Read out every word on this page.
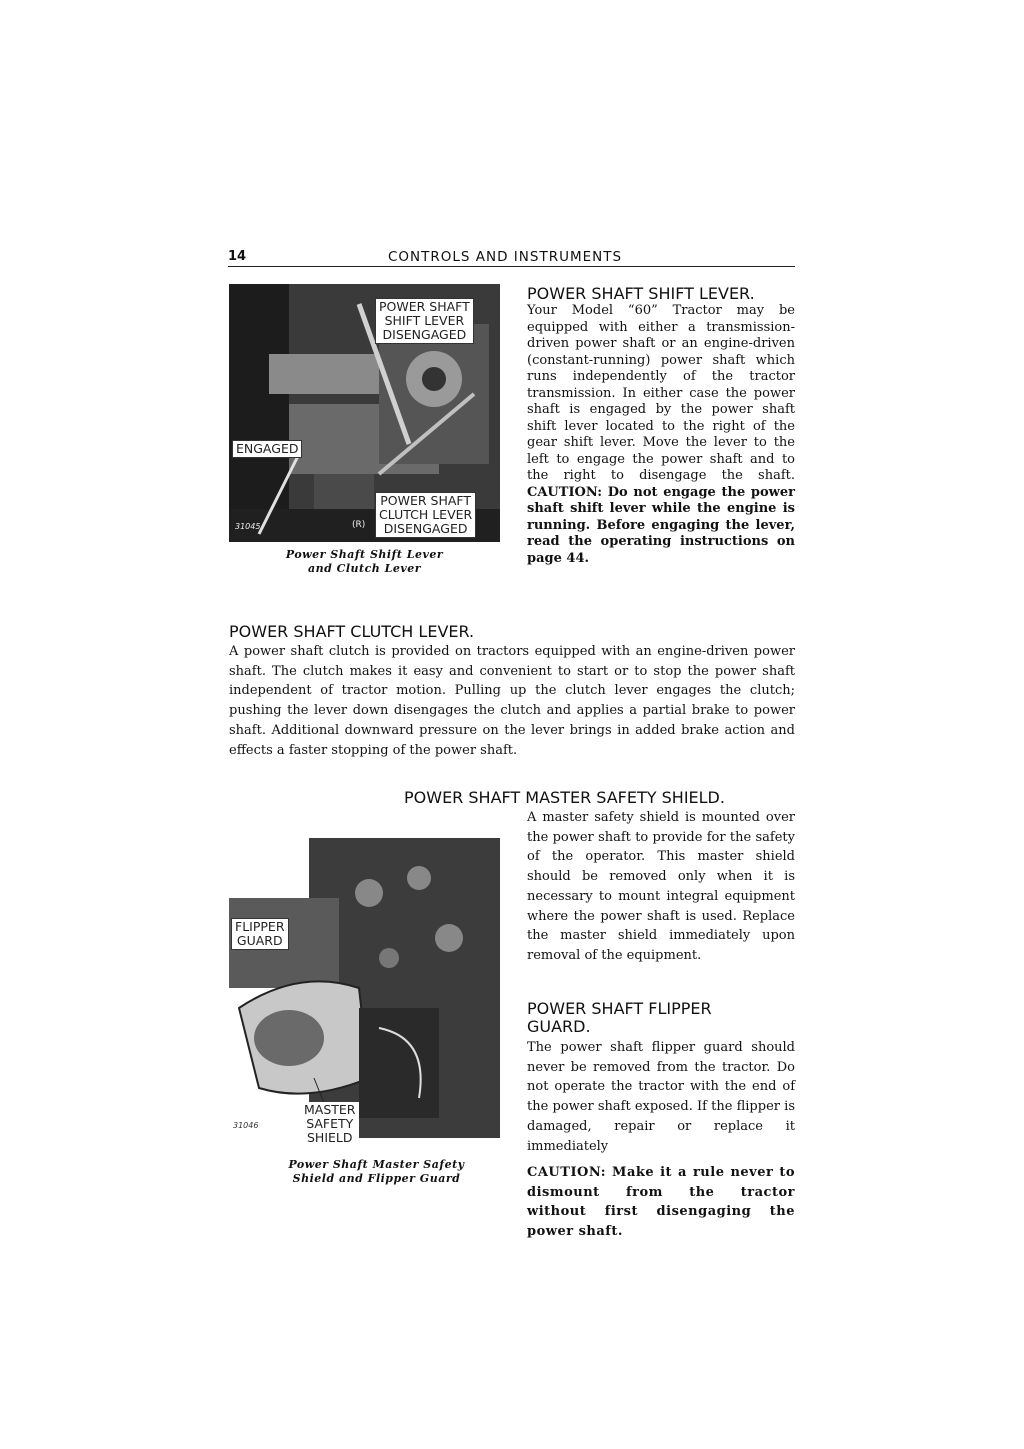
14	CONTROLS AND INSTRUMENTS
POWER SHAFT
SHIFT LEVER
DISENGAGED
ENGAGED
POWER SHAFT
CLUTCH LEVER
DISENGAGED
(R)
31045
Power Shaft Shift Lever
and Clutch Lever
POWER SHAFT SHIFT LEVER.
Your Model “60” Tractor may be equipped with either a transmission-driven power shaft or an engine-driven (constant-running) power shaft which runs independently of the tractor transmission. In either case the power shaft is engaged by the power shaft shift lever located to the right of the gear shift lever. Move the lever to the left to engage the power shaft and to the right to disengage the shaft. CAUTION: Do not engage the power shaft shift lever while the engine is running. Before engaging the lever, read the operating instructions on page 44.
POWER SHAFT CLUTCH LEVER.
A power shaft clutch is provided on tractors equipped with an engine-driven power shaft. The clutch makes it easy and convenient to start or to stop the power shaft independent of tractor motion. Pulling up the clutch lever engages the clutch; pushing the lever down disengages the clutch and applies a partial brake to power shaft. Additional downward pressure on the lever brings in added brake action and effects a faster stopping of the power shaft.
POWER SHAFT MASTER SAFETY SHIELD.
A master safety shield is mounted over the power shaft to provide for the safety of the operator. This master shield should be removed only when it is necessary to mount integral equipment where the power shaft is used. Replace the master shield immediately upon removal of the equipment.
FLIPPER
GUARD
MASTER
SAFETY
SHIELD
31046
Power Shaft Master Safety
Shield and Flipper Guard
POWER SHAFT FLIPPER
GUARD.
The power shaft flipper guard should never be removed from the tractor. Do not operate the tractor with the end of the power shaft exposed. If the flipper is damaged, repair or replace it immediately
CAUTION: Make it a rule never to dismount from the tractor without first disengaging the power shaft.
